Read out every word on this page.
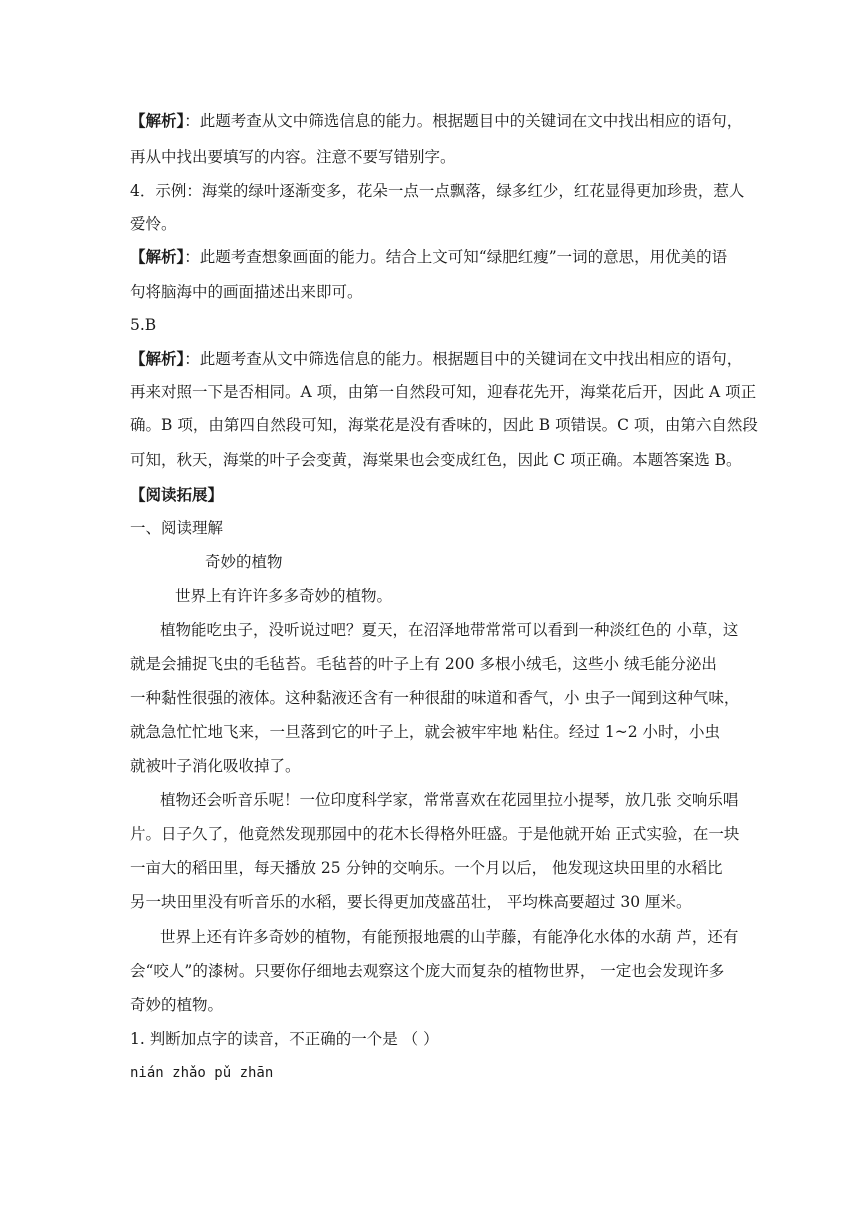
【解析】：此题考查从文中筛选信息的能力。根据题目中的关键词在文中找出相应的语句，
再从中找出要填写的内容。注意不要写错别字。
4．示例：海棠的绿叶逐渐变多，花朵一点一点飘落，绿多红少，红花显得更加珍贵，惹人
爱怜。
【解析】：此题考查想象画面的能力。结合上文可知“绿肥红瘦”一词的意思，用优美的语
句将脑海中的画面描述出来即可。
5.B
【解析】：此题考查从文中筛选信息的能力。根据题目中的关键词在文中找出相应的语句，
再来对照一下是否相同。A 项，由第一自然段可知，迎春花先开，海棠花后开，因此 A 项正
确。B 项，由第四自然段可知，海棠花是没有香味的，因此 B 项错误。C 项，由第六自然段
可知，秋天，海棠的叶子会变黄，海棠果也会变成红色，因此 C 项正确。本题答案选 B。
【阅读拓展】
一、阅读理解
奇妙的植物
世界上有许许多多奇妙的植物。
植物能吃虫子，没听说过吧？夏天，在沼泽地带常常可以看到一种淡红色的 小草，这
就是会捕捉飞虫的毛毡苔。毛毡苔的叶子上有 200 多根小绒毛，这些小 绒毛能分泌出
一种黏性很强的液体。这种黏液还含有一种很甜的味道和香气，小 虫子一闻到这种气味，
就急急忙忙地飞来，一旦落到它的叶子上，就会被牢牢地 粘住。经过 1~2 小时，小虫
就被叶子消化吸收掉了。
植物还会听音乐呢！一位印度科学家，常常喜欢在花园里拉小提琴，放几张 交响乐唱
片。日子久了，他竟然发现那园中的花木长得格外旺盛。于是他就开始 正式实验，在一块
一亩大的稻田里，每天播放 25 分钟的交响乐。一个月以后， 他发现这块田里的水稻比
另一块田里没有听音乐的水稻，要长得更加茂盛茁壮， 平均株高要超过 30 厘米。
世界上还有许多奇妙的植物，有能预报地震的山芋藤，有能净化水体的水葫 芦，还有
会“咬人”的漆树。只要你仔细地去观察这个庞大而复杂的植物世界， 一定也会发现许多
奇妙的植物。
1. 判断加点字的读音，不正确的一个是 （ ）
nián zhǎo pǔ zhān
